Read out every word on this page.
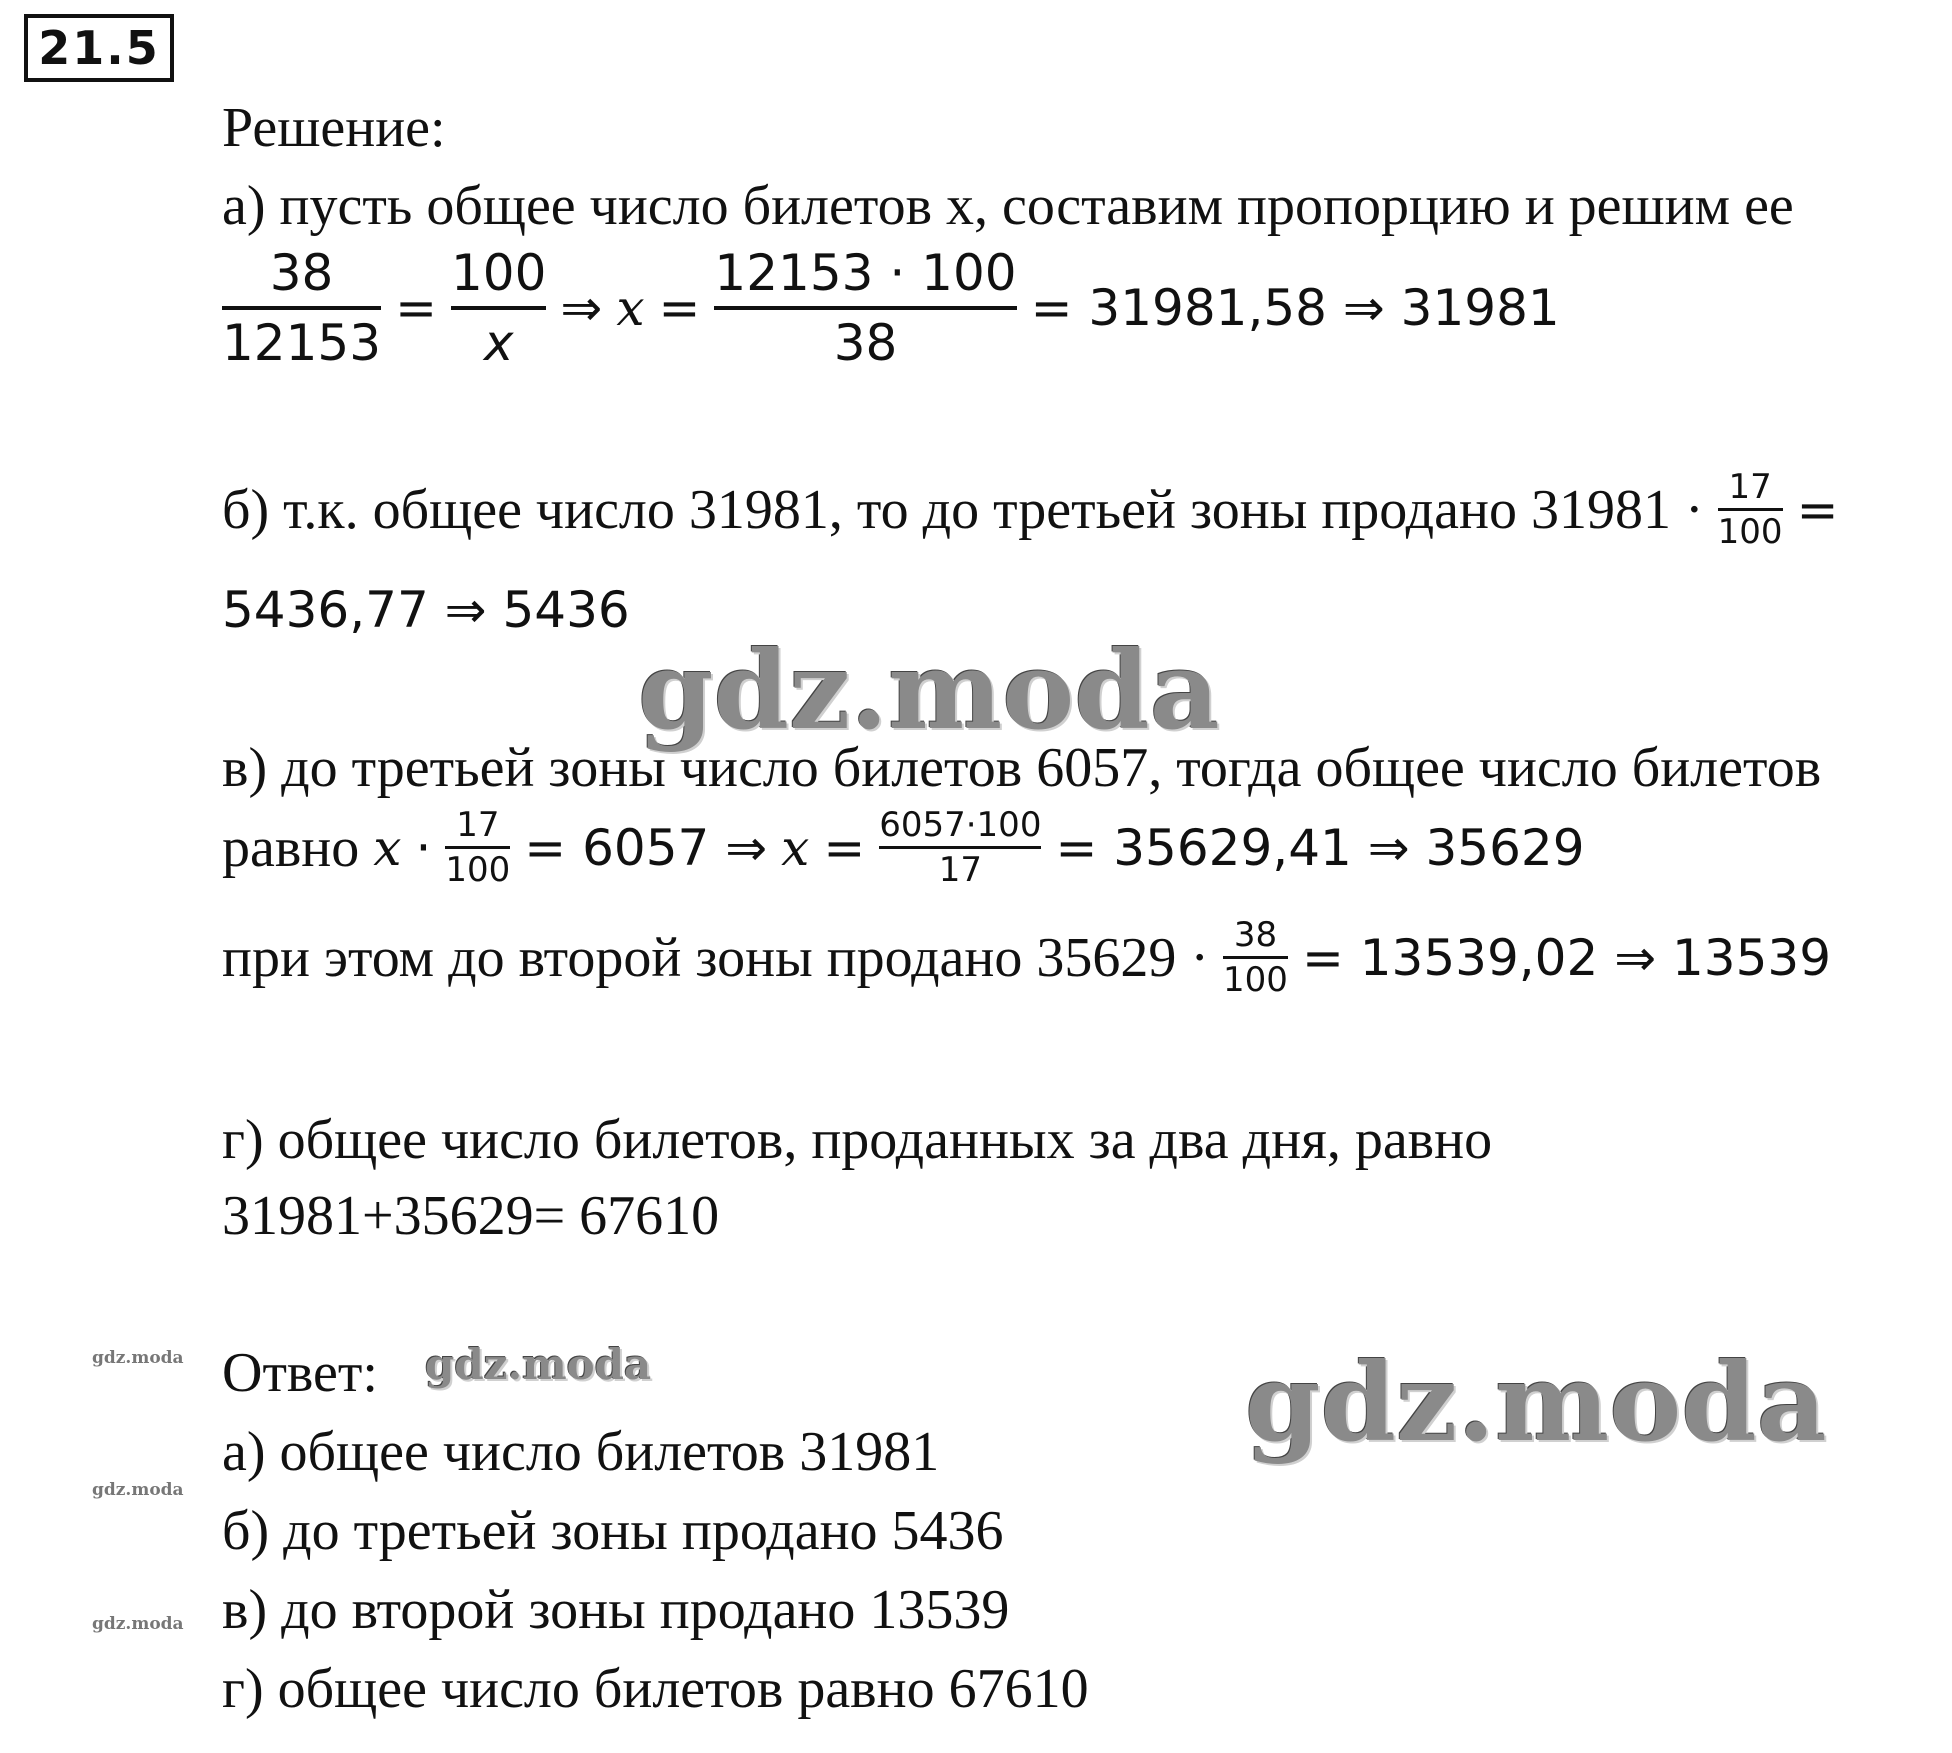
21.5
Решение:
а) пусть общее число билетов x, составим пропорцию и решим ее
$\frac{38}{12153} = \frac{100}{x}$ ⇒ $x = \frac{12153 \cdot 100}{38} = 31981,58$ ⇒ 31981
б) т.к. общее число 31981, то до третьей зоны продано $31981 \cdot \frac{17}{100}$ =
5436,77 ⇒ 5436
в) до третьей зоны число билетов 6057, тогда общее число билетов
равно $x \cdot \frac{17}{100} = 6057$ ⇒ $x = \frac{6057\cdot 100}{17} = 35629,41$ ⇒ 35629
при этом до второй зоны продано $35629 \cdot \frac{38}{100} = 13539,02$ ⇒ 13539
г) общее число билетов, проданных за два дня, равно
31981+35629= 67610
Ответ:
а) общее число билетов 31981
б) до третьей зоны продано 5436
в) до второй зоны продано 13539
г) общее число билетов равно 67610
gdz.moda
gdz.moda	gdz.moda
gdz.moda
gdz.moda
gdz.moda
